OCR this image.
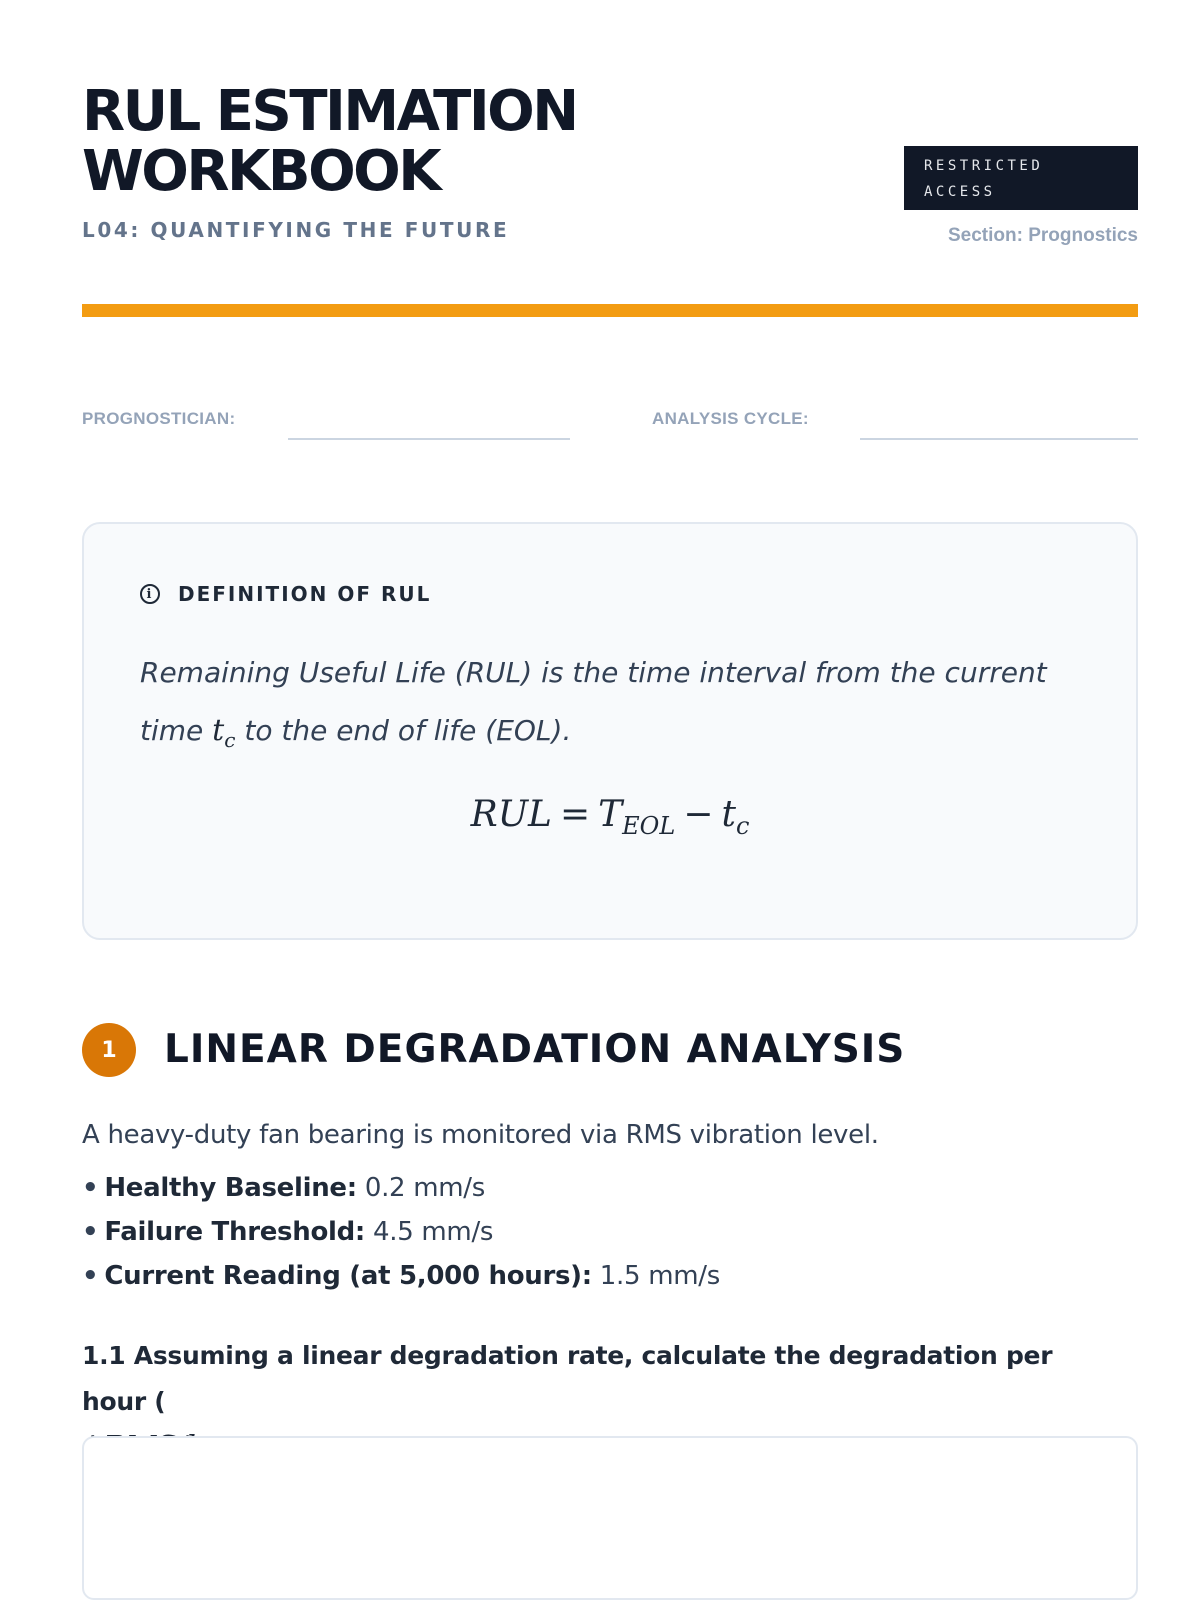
RUL ESTIMATION
WORKBOOK
L04: QUANTIFYING THE FUTURE
RESTRICTED
ACCESS
Section: Prognostics
PROGNOSTICIAN:	ANALYSIS CYCLE:
i	DEFINITION OF RUL

Remaining Useful Life (RUL) is the time interval from the current time $t_c$ to the end of life (EOL).

RUL = $T_{EOL} - t_c$
1	LINEAR DEGRADATION ANALYSIS
A heavy-duty fan bearing is monitored via RMS vibration level.
• Healthy Baseline: 0.2 mm/s
• Failure Threshold: 4.5 mm/s
• Current Reading (at 5,000 hours): 1.5 mm/s

1.1 Assuming a linear degradation rate, calculate the degradation per hour (
